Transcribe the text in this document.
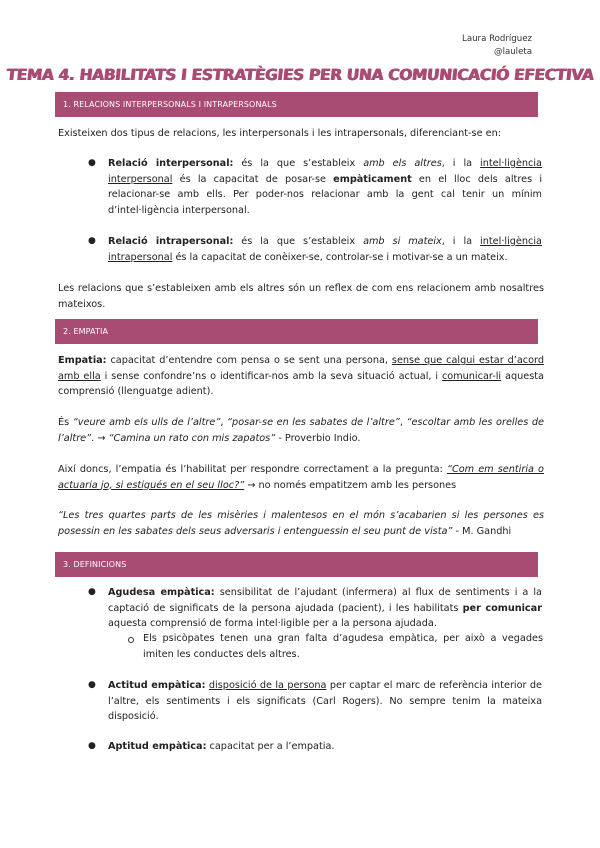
Laura Rodríguez
@lauleta
TEMA 4. HABILITATS I ESTRATÈGIES PER UNA COMUNICACIÓ EFECTIVA
1. RELACIONS INTERPERSONALS I INTRAPERSONALS
Existeixen dos tipus de relacions, les interpersonals i les intrapersonals, diferenciant-se en:
● Relació interpersonal: és la que s’estableix amb els altres, i la intel·ligència interpersonal és la capacitat de posar-se empàticament en el lloc dels altres i relacionar-se amb ells. Per poder-nos relacionar amb la gent cal tenir un mínim d’intel·ligència interpersonal.
● Relació intrapersonal: és la que s’estableix amb si mateix, i la intel·ligència intrapersonal és la capacitat de conèixer-se, controlar-se i motivar-se a un mateix.
Les relacions que s’estableixen amb els altres són un reflex de com ens relacionem amb nosaltres mateixos.
2. EMPATIA
Empatia: capacitat d’entendre com pensa o se sent una persona, sense que calgui estar d’acord amb ella i sense confondre’ns o identificar-nos amb la seva situació actual, i comunicar-li aquesta comprensió (llenguatge adient).
És “veure amb els ulls de l’altre”, “posar-se en les sabates de l’altre”, “escoltar amb les orelles de l’altre”. → “Camina un rato con mis zapatos” - Proverbio Indio.
Així doncs, l’empatia és l’habilitat per respondre correctament a la pregunta: “Com em sentiria o actuaria jo, si estigués en el seu lloc?” → no només empatitzem amb les persones
“Les tres quartes parts de les misèries i malentesos en el món s’acabarien si les persones es posessin en les sabates dels seus adversaris i entenguessin el seu punt de vista” - M. Gandhi
3. DEFINICIONS
● Agudesa empàtica: sensibilitat de l’ajudant (infermera) al flux de sentiments i a la captació de significats de la persona ajudada (pacient), i les habilitats per comunicar aquesta comprensió de forma intel·ligible per a la persona ajudada.
Els psicòpates tenen una gran falta d’agudesa empàtica, per això a vegades imiten les conductes dels altres.
● Actitud empàtica: disposició de la persona per captar el marc de referència interior de l’altre, els sentiments i els significats (Carl Rogers). No sempre tenim la mateixa disposició.
● Aptitud empàtica: capacitat per a l’empatia.
